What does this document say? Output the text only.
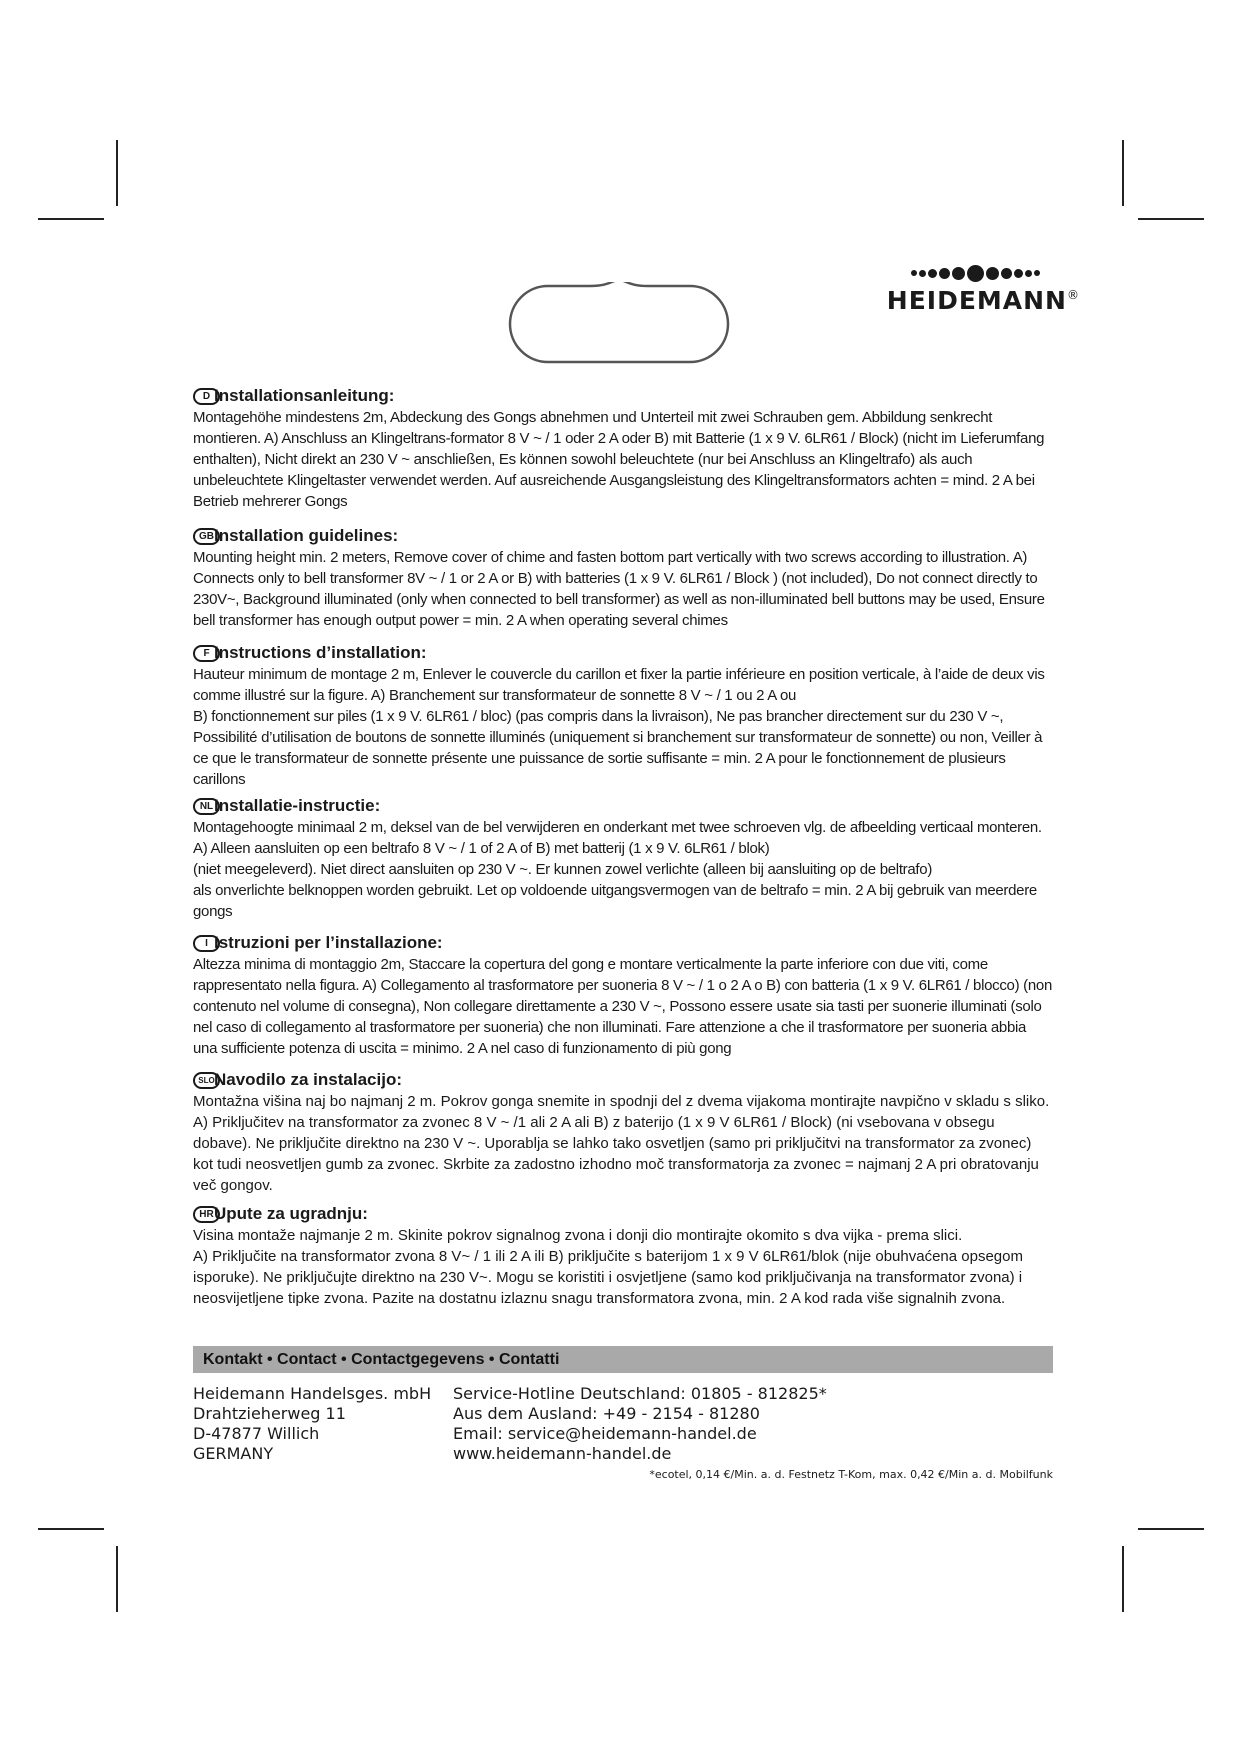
HEIDEMANN®
D Installationsanleitung:

Montagehöhe mindestens 2m, Abdeckung des Gongs abnehmen und Unterteil mit zwei Schrauben gem. Abbildung senkrecht montieren. A) Anschluss an Klingeltrans-formator 8 V ~ / 1 oder 2 A oder B) mit Batterie (1 x 9 V. 6LR61 / Block) (nicht im Lieferumfang enthalten), Nicht direkt an 230 V ~ anschließen, Es können sowohl beleuchtete (nur bei Anschluss an Klingeltrafo) als auch unbeleuchtete Klingeltaster verwendet werden. Auf ausreichende Ausgangsleistung des Klingeltransformators achten = mind. 2 A bei Betrieb mehrerer Gongs

GB Installation guidelines:

Mounting height min. 2 meters, Remove cover of chime and fasten bottom part vertically with two screws according to illustration. A) Connects only to bell transformer 8V ~ / 1 or 2 A or B) with batteries (1 x 9 V. 6LR61 / Block ) (not included), Do not connect directly to 230V~, Background illuminated (only when connected to bell transformer) as well as non-illuminated bell buttons may be used, Ensure bell transformer has enough output power = min. 2 A when operating several chimes

F Instructions d’installation:

Hauteur minimum de montage 2 m, Enlever le couvercle du carillon et fixer la partie inférieure en position verticale, à l’aide de deux vis comme illustré sur la figure. A) Branchement sur transformateur de sonnette 8 V ~ / 1 ou 2 A ou

B) fonctionnement sur piles (1 x 9 V. 6LR61 / bloc) (pas compris dans la livraison), Ne pas brancher directement sur du 230 V ~, Possibilité d’utilisation de boutons de sonnette illuminés (uniquement si branchement sur transformateur de sonnette) ou non, Veiller à ce que le transformateur de sonnette présente une puissance de sortie suffisante = min. 2 A pour le fonctionnement de plusieurs carillons

NL Installatie-instructie:

Montagehoogte minimaal 2 m, deksel van de bel verwijderen en onderkant met twee schroeven vlg. de afbeelding verticaal monteren. A) Alleen aansluiten op een beltrafo 8 V ~ / 1 of 2 A of B) met batterij (1 x 9 V. 6LR61 / blok)

(niet meegeleverd). Niet direct aansluiten op 230 V ~. Er kunnen zowel verlichte (alleen bij aansluiting op de beltrafo)

als onverlichte belknoppen worden gebruikt. Let op voldoende uitgangsvermogen van de beltrafo = min. 2 A bij gebruik van meerdere gongs

I Istruzioni per l’installazione:

Altezza minima di montaggio 2m, Staccare la copertura del gong e montare verticalmente la parte inferiore con due viti, come rappresentato nella figura. A) Collegamento al trasformatore per suoneria 8 V ~ / 1 o 2 A o B) con batteria (1 x 9 V. 6LR61 / blocco) (non contenuto nel volume di consegna), Non collegare direttamente a 230 V ~, Possono essere usate sia tasti per suonerie illuminati (solo nel caso di collegamento al trasformatore per suoneria) che non illuminati. Fare attenzione a che il trasformatore per suoneria abbia una sufficiente potenza di uscita = minimo. 2 A nel caso di funzionamento di più gong

SLO Navodilo za instalacijo:

Montažna višina naj bo najmanj 2 m. Pokrov gonga snemite in spodnji del z dvema vijakoma montirajte navpično v skladu s sliko. A) Priključitev na transformator za zvonec 8 V ~ /1 ali 2 A ali B) z baterijo (1 x 9 V 6LR61 / Block) (ni vsebovana v obsegu dobave). Ne priključite direktno na 230 V ~. Uporablja se lahko tako osvetljen (samo pri priključitvi na transformator za zvonec) kot tudi neosvetljen gumb za zvonec. Skrbite za zadostno izhodno moč transformatorja za zvonec = najmanj 2 A pri obratovanju več gongov.

HR Upute za ugradnju:

Visina montaže najmanje 2 m. Skinite pokrov signalnog zvona i donji dio montirajte okomito s dva vijka - prema slici.

A) Priključite na transformator zvona 8 V~ / 1 ili 2 A ili B) priključite s baterijom 1 x 9 V 6LR61/blok (nije obuhvaćena opsegom isporuke). Ne priključujte direktno na 230 V~. Mogu se koristiti i osvjetljene (samo kod priključivanja na transformator zvona) i neosvijetljene tipke zvona. Pazite na dostatnu izlaznu snagu transformatora zvona, min. 2 A kod rada više signalnih zvona.

Kontakt • Contact • Contactgegevens • Contatti
Heidemann Handelsges. mbH
Drahtzieherweg 11
D-47877 Willich
GERMANY
Service-Hotline Deutschland: 01805 - 812825*
Aus dem Ausland: +49 - 2154 - 81280
Email: service@heidemann-handel.de
www.heidemann-handel.de
*ecotel, 0,14 €/Min. a. d. Festnetz T-Kom, max. 0,42 €/Min a. d. Mobilfunk
